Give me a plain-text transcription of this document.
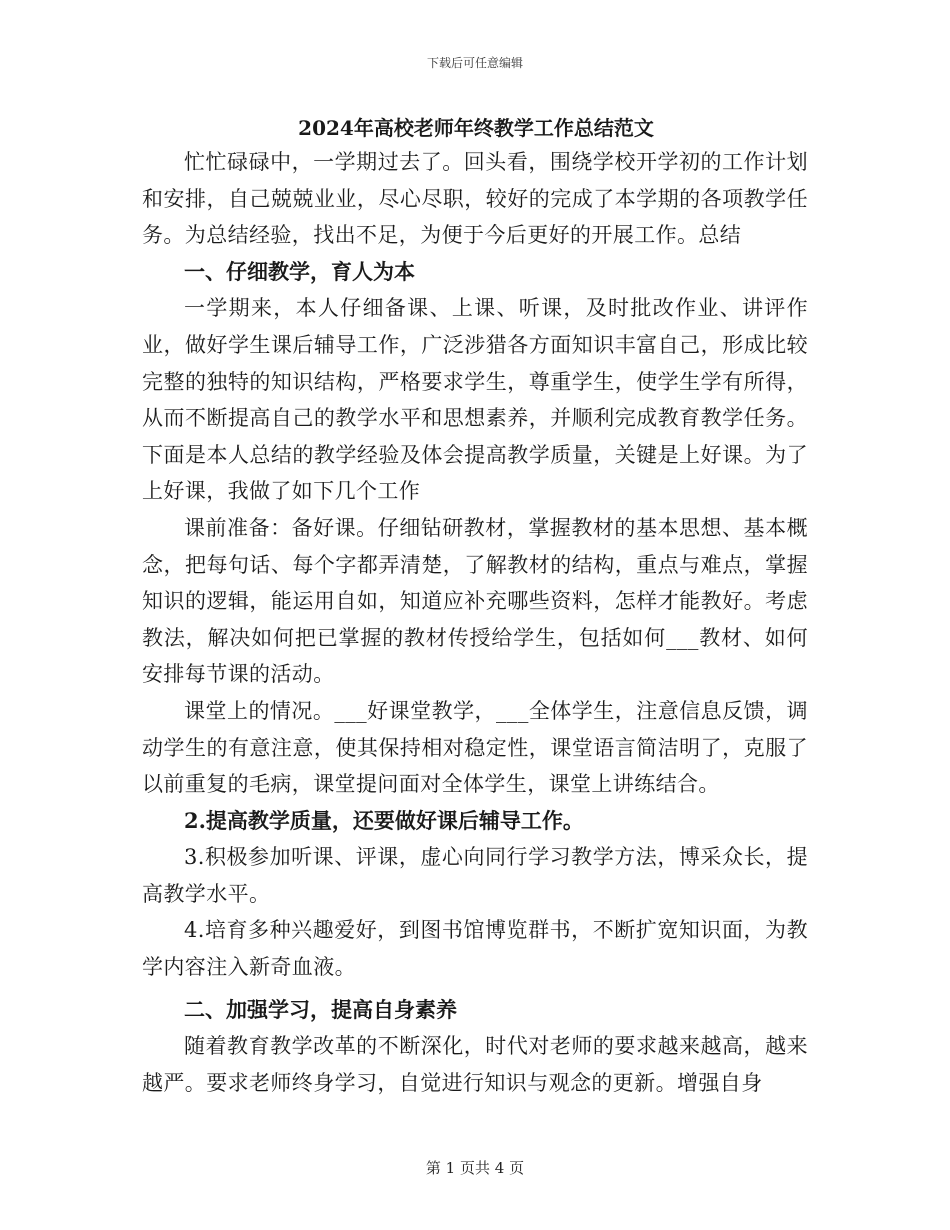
下载后可任意编辑
2024年高校老师年终教学工作总结范文

忙忙碌碌中，一学期过去了。回头看，围绕学校开学初的工作计划和安排，自己兢兢业业，尽心尽职，较好的完成了本学期的各项教学任务。为总结经验，找出不足，为便于今后更好的开展工作。总结

一、仔细教学，育人为本

一学期来，本人仔细备课、上课、听课，及时批改作业、讲评作业，做好学生课后辅导工作，广泛涉猎各方面知识丰富自己，形成比较完整的独特的知识结构，严格要求学生，尊重学生，使学生学有所得，从而不断提高自己的教学水平和思想素养，并顺利完成教育教学任务。下面是本人总结的教学经验及体会提高教学质量，关键是上好课。为了上好课，我做了如下几个工作

课前准备：备好课。仔细钻研教材，掌握教材的基本思想、基本概念，把每句话、每个字都弄清楚，了解教材的结构，重点与难点，掌握知识的逻辑，能运用自如，知道应补充哪些资料，怎样才能教好。考虑教法，解决如何把已掌握的教材传授给学生，包括如何___教材、如何安排每节课的活动。

课堂上的情况。___好课堂教学，___全体学生，注意信息反馈，调动学生的有意注意，使其保持相对稳定性，课堂语言简洁明了，克服了以前重复的毛病，课堂提问面对全体学生，课堂上讲练结合。

2.提高教学质量，还要做好课后辅导工作。

3.积极参加听课、评课，虚心向同行学习教学方法，博采众长，提高教学水平。

4.培育多种兴趣爱好，到图书馆博览群书，不断扩宽知识面，为教学内容注入新奇血液。

二、加强学习，提高自身素养

随着教育教学改革的不断深化，时代对老师的要求越来越高，越来越严。要求老师终身学习，自觉进行知识与观念的更新。增强自身

第 1 页共 4 页
